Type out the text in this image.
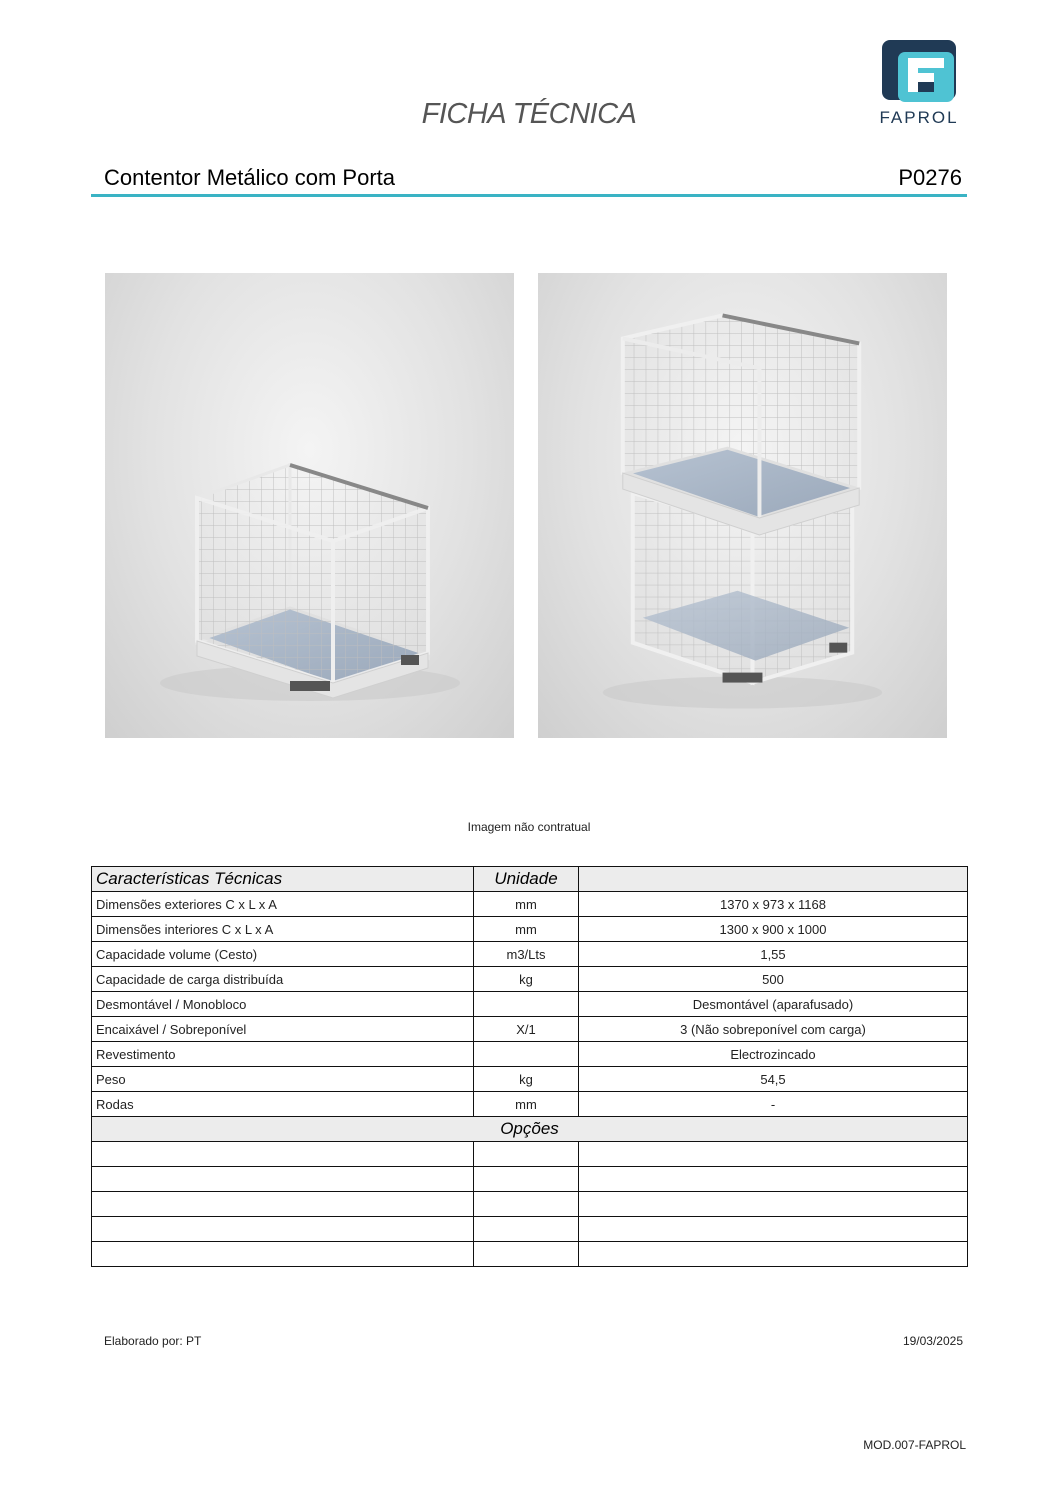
FICHA TÉCNICA	FAPROL
Contentor Metálico com Porta	P0276
Imagem não contratual
Características Técnicas	Unidade	
Dimensões exteriores C x L x A	mm	1370 x 973 x 1168
Dimensões interiores C x L x A	mm	1300 x 900 x 1000
Capacidade volume (Cesto)	m3/Lts	1,55
Capacidade de carga distribuída	kg	500
Desmontável / Monobloco		Desmontável (aparafusado)
Encaixável / Sobreponível	X/1	3 (Não sobreponível com carga)
Revestimento		Electrozincado
Peso	kg	54,5
Rodas	mm	-
Opções		

Elaborado por: PT	19/03/2025
MOD.007-FAPROL
